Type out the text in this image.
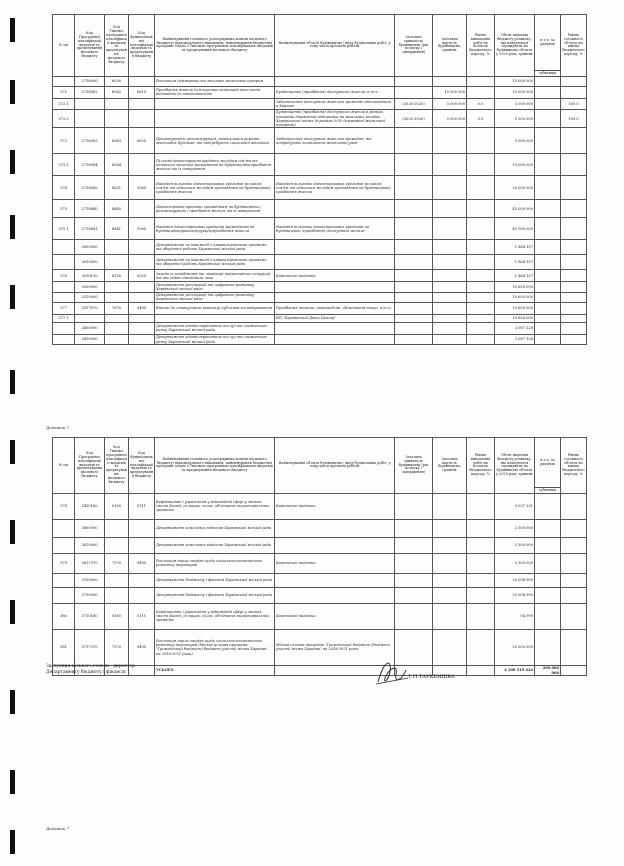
№ з/п	Код Програмної класифікації видатків та кредитування місцевого бюджету	Код Типової програмної класифікації видатків та кредитування місцевого бюджету	Код Функціональної класифікації видатків та кредитування бюджету	Найменування головного розпорядника коштів місцевого бюджету/ відповідального виконавця, найменування бюджетної програми згідно з Типовою програмною класифікацією видатків та кредитування місцевого бюджету	Найменування об'єкта будівництва / виду будівельних робіт, у тому числі проектні роботи	Загальна тривалість будівництва (рік початку і завершення)	Загальна вартість будівництва, гривень	Рівень виконання робіт на початок бюджетного періоду, %	Обсяг видатків бюджету розвитку, які плануються спрямувати на будівництво об'єкта у 2020 році, гривень	в т.ч. за рахунок	Рівень готовності об'єкта на кінець бюджетного періоду, %
										субвенція	
	2716000	6030		Реалізація державних та місцевих житлових програм					15 000 000		
372	2716082	6082	0610	Придбання житла для окремих категорій населення відповідно до законодавства	Будівництво (придбання) доступного житла, в т.ч.:		10 000 000		10 000 000		
372.1					Забезпечення доступним житлом громадян вітчизняного в Харкові	(2020-2020)	5 000 000	0.0	5 000 000		100.0
372.2					Будівництво (придбання) доступного житла в рамках програми державної підтримки на загальних засадах Харківського міста (в рамках 50% державної житлової програми)	(2020-2020)	5 000 000	0.0	5 000 000		100.0
373	2716083	6083	0620	Проектування, реконструкція, капітальний ремонт житлових будинків, які потребують соціальної допомоги	Забезпечення доступним житлом громадян, які потребують поліпшення житлових умов				5 000 000		
373.1	2716084	6084		Пільгові довгострокові кредити молодим сім'ям та одиноким молодим громадянам на будівництво/придбання житла та їх повернення					10 000 000		
374	2716085	8821	1060	Надання пільгових довгострокових кредитів молодим сім'ям та одиноким молодим громадянам на будівництво/придбання житла	Надання пільгових довгострокових кредитів молодим сім'ям та одиноким молодим громадянам на будівництво/придбання житла				20 000 000		
375	2718840	8840		Довгострокові кредити громадянам на будівництво / реконструкцію / придбання житла та їх повернення					45 000 000		
375.1	2718841	8841	1060	Надання довгострокових кредитів громадянам на будівництво/реконструкцію/придбання житла	Надання пільгових довгострокових кредитів на будівництво (придбання) доступного житла				45 000 000		
	3000000			Департамент по взаємодії з правоохоронними органами та оборонної роботи Харківської міської ради					1 864 157		
	3010000			Департамент по взаємодії з правоохоронними органами та оборонної роботи Харківської міської ради					1 864 157		
376	3018130	8130	0320	Заходи із запобігання та ліквідації надзвичайних ситуацій та наслідків стихійного лиха	Капітальні видатки				1 864 157		
	3300000			Департамент реєстрації та цифрового розвитку Харківської міської ради					10 650 000		
	3310000			Департамент реєстрації та цифрового розвитку Харківської міської ради					10 650 000		
377	3317670	7670	0490	Внески до статутного капіталу суб'єктів господарювання	Придбання техніки, автомобілів, обладнання тощо, в т.ч.:				10 650 000		
377.1					КП "Харківський Дата Центр"				10 650 000		
	3400000			Департамент адміністративних послуг та споживчого ринку Харківської міської ради					3 087 128		
	3410000			Департамент адміністративних послуг та споживчого ринку Харківської міської ради					3 087 128		
Додаток 7
№ з/п	Код Програмної класифікації видатків та кредитування місцевого бюджету	Код Типової програмної класифікації видатків та кредитування місцевого бюджету	Код Функціональної класифікації видатків та кредитування бюджету	Найменування головного розпорядника коштів місцевого бюджету/ відповідального виконавця, найменування бюджетної програми згідно з Типовою програмною класифікацією видатків та кредитування місцевого бюджету	Найменування об'єкта будівництва / виду будівельних робіт, у тому числі проектні роботи	Загальна тривалість будівництва (рік початку і завершення)	Загальна вартість будівництва, гривень	Рівень виконання робіт на початок бюджетного періоду, %	Обсяг видатків бюджету розвитку, які плануються спрямувати на будівництво об'єкта у 2020 році, гривень	в т.ч. за рахунок	Рівень готовності об'єкта на кінець бюджетного періоду, %
										субвенція	
378	3410160	0160	0111	Керівництво і управління у відповідній сфері у містах (місті Києві), селищах, селах, об'єднаних територіальних громадах	Капітальні видатки				3 037 231		
	3600000			Департамент земельних відносин Харківської міської ради					2 500 000		
	3610000			Департамент земельних відносин Харківської міської ради					2 500 000		
379	3617370	7370	0490	Реалізація інших заходів щодо соціально-економічного розвитку територій	Капітальні видатки				2 500 000		
	3700000			Департамент бюджету і фінансів Харківської міської ради					20 094 990		
	3710000			Департамент бюджету і фінансів Харківської міської ради					20 094 990		
380	3710160	0160	0111	Керівництво і управління у відповідній сфері у містах (місті Києві), селищах, селах, об'єднаних територіальних громадах	Капітальні видатки				94 990		
381	3717370	7370	0490	Реалізація інших заходів щодо соціально-економічного розвитку територій (Міська цільова програма "Громадський бюджет (бюджет участі) міста Харкова" на 2018-2021 роки)	Міська цільова програма "Громадський бюджет (бюджет участі) міста Харкова" на 2018-2021 роки				20 000 000		
				УСЬОГО					4 308 519 024	200 000 000	
Заступник міського голови - директор Департаменту бюджету і фінансів
Т.П.ТАУКЕНШВА
Додаток 7
